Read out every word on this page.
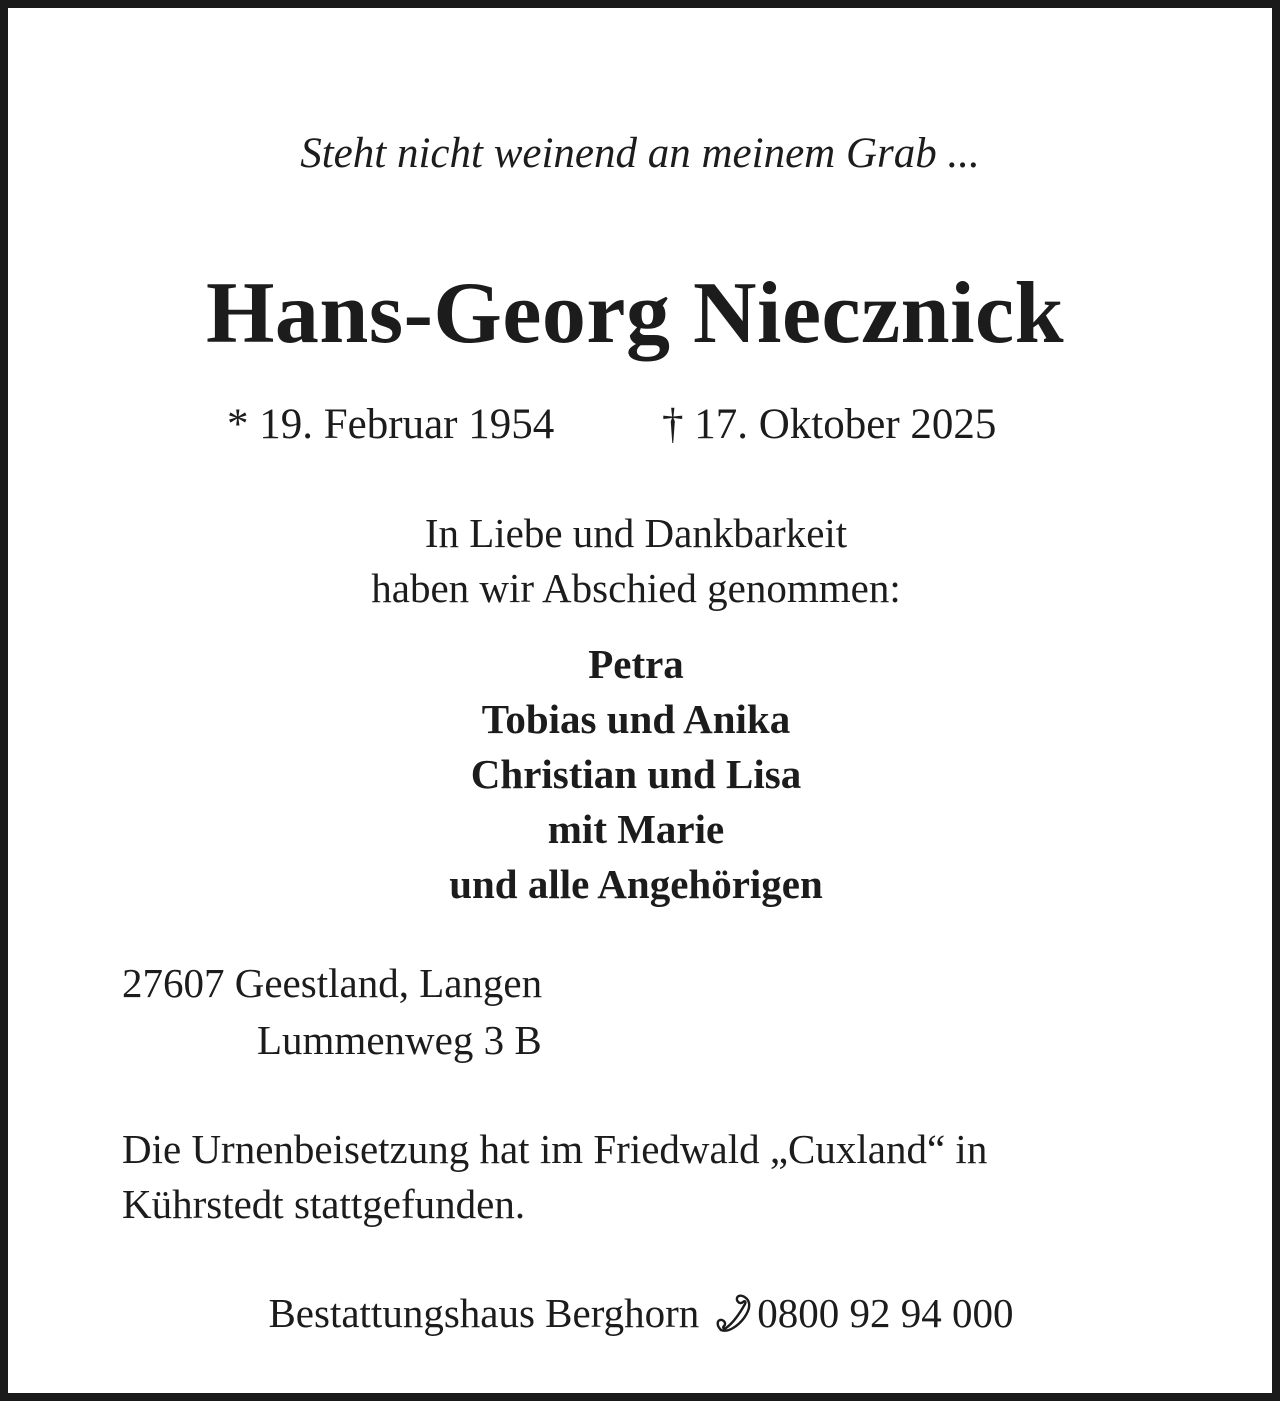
Steht nicht weinend an meinem Grab ...
Hans-Georg Niecznick
* 19. Februar 1954	† 17. Oktober 2025
In Liebe und Dankbarkeit
haben wir Abschied genommen:
Petra
Tobias und Anika
Christian und Lisa
mit Marie
und alle Angehörigen
27607 Geestland, Langen
Lummenweg 3 B
Die Urnenbeisetzung hat im Friedwald „Cuxland“ in
Kührstedt stattgefunden.
Bestattungshaus Berghorn 0800 92 94 000
